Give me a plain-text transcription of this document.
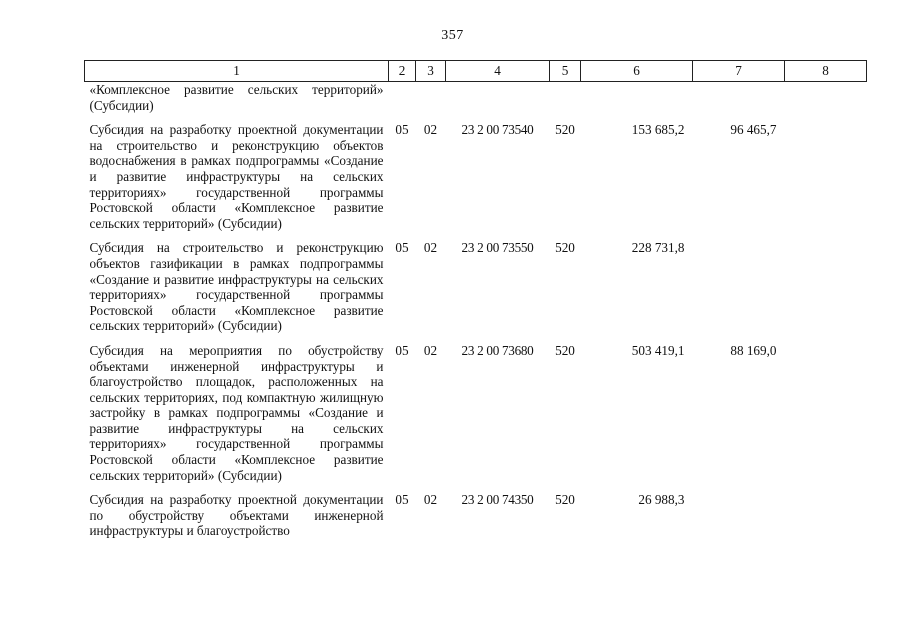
357
1	2	3	4	5	6	7	8
«Комплексное развитие сельских территорий» (Субсидии)							

Субсидия на разработку проектной документации на строительство и реконструкцию объектов водоснабжения в рамках подпрограммы «Создание и развитие инфраструктуры на сельских территориях» государственной программы Ростовской области «Комплексное развитие сельских территорий» (Субсидии)	05	02	23 2 00 73540	520	153 685,2	96 465,7	

Субсидия на строительство и реконструкцию объектов газификации в рамках подпрограммы «Создание и развитие инфраструктуры на сельских территориях» государственной программы Ростовской области «Комплексное развитие сельских территорий» (Субсидии)	05	02	23 2 00 73550	520	228 731,8		

Субсидия на мероприятия по обустройству объектами инженерной инфраструктуры и благоустройство площадок, расположенных на сельских территориях, под компактную жилищную застройку в рамках подпрограммы «Создание и развитие инфраструктуры на сельских территориях» государственной программы Ростовской области «Комплексное развитие сельских территорий» (Субсидии)	05	02	23 2 00 73680	520	503 419,1	88 169,0	

Субсидия на разработку проектной документации по обустройству объектами инженерной инфраструктуры и благоустройство	05	02	23 2 00 74350	520	26 988,3		
